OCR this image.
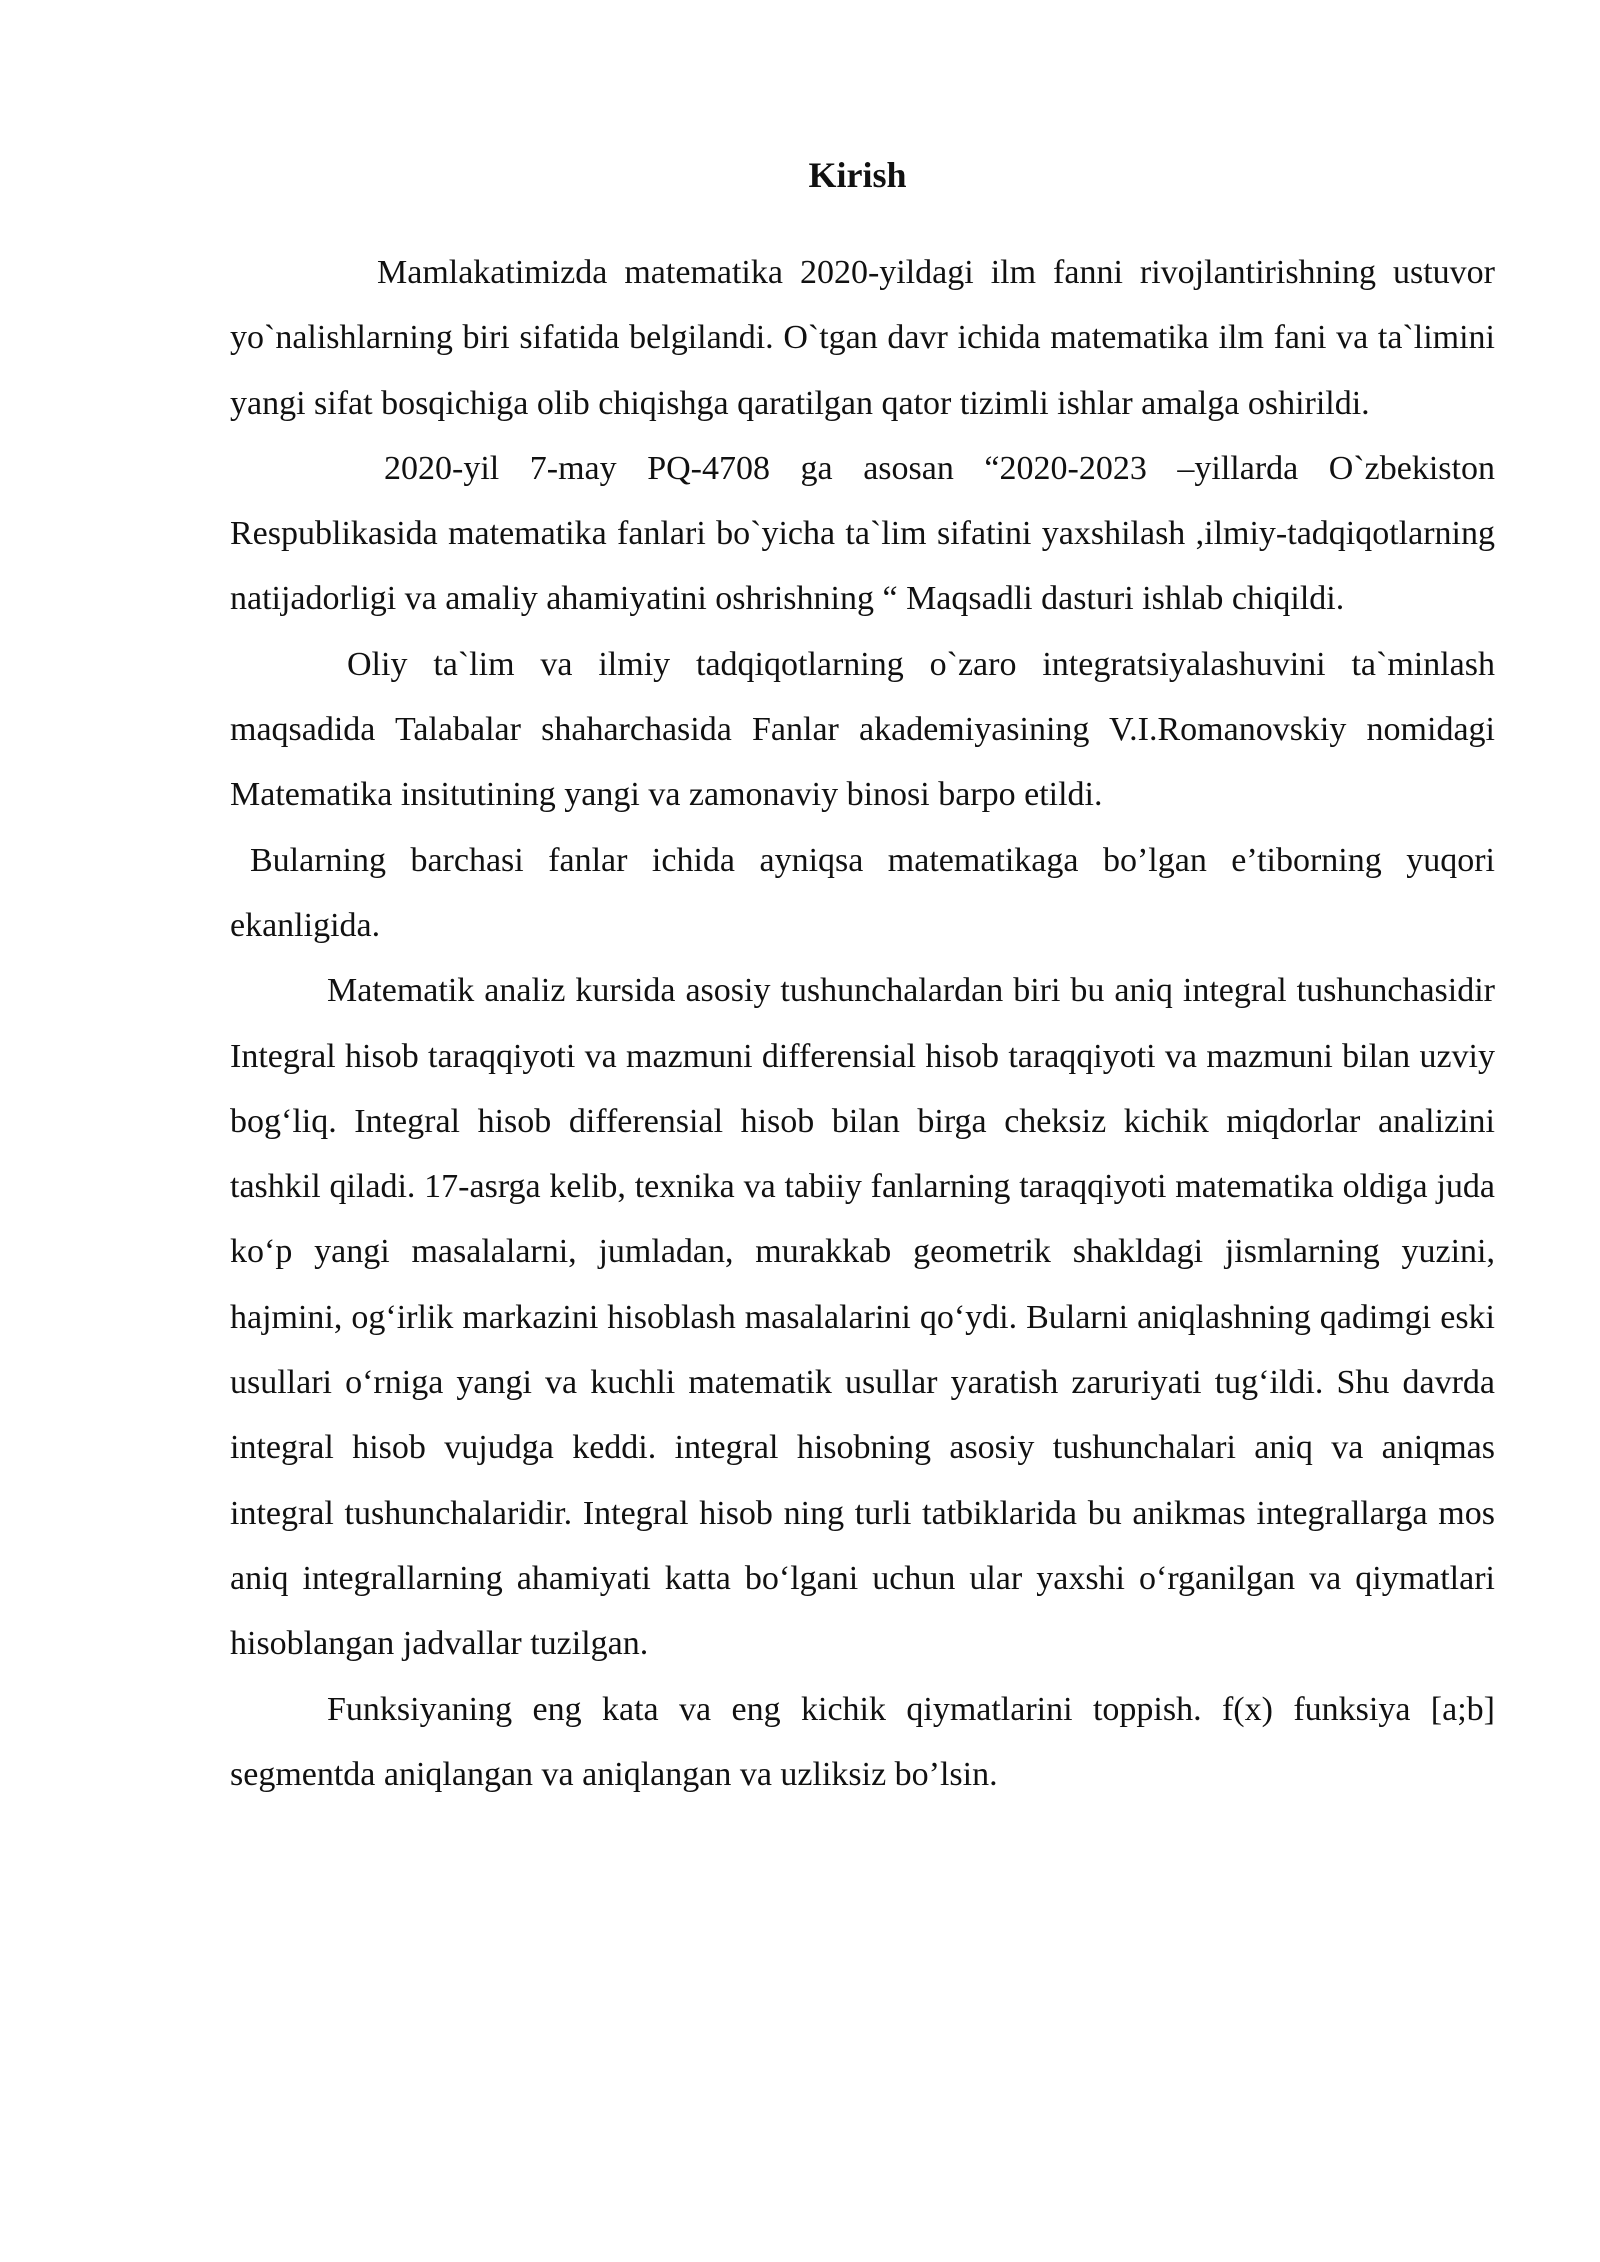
Kirish

Mamlakatimizda matematika 2020-yildagi ilm fanni rivojlantirishning ustuvor yo`nalishlarning biri sifatida belgilandi. O`tgan davr ichida matematika ilm fani va ta`limini yangi sifat bosqichiga olib chiqishga qaratilgan qator tizimli ishlar amalga oshirildi.

2020-yil 7-may PQ-4708 ga asosan “2020-2023 –yillarda O`zbekiston Respublikasida matematika fanlari bo`yicha ta`lim sifatini yaxshilash ,ilmiy-tadqiqotlarning natijadorligi va amaliy ahamiyatini oshrishning “ Maqsadli dasturi ishlab chiqildi.

Oliy ta`lim va ilmiy tadqiqotlarning o`zaro integratsiyalashuvini ta`minlash maqsadida Talabalar shaharchasida Fanlar akademiyasining V.I.Romanovskiy nomidagi Matematika insitutining yangi va zamonaviy binosi barpo etildi.

Bularning barchasi fanlar ichida ayniqsa matematikaga bo’lgan e’tiborning yuqori ekanligida.

Matematik analiz kursida asosiy tushunchalardan biri bu aniq integral tushunchasidir Integral hisob taraqqiyoti va mazmuni differensial hisob taraqqiyoti va mazmuni bilan uzviy bog‘liq. Integral hisob differensial hisob bilan birga cheksiz kichik miqdorlar analizini tashkil qiladi. 17-asrga kelib, texnika va tabiiy fanlarning taraqqiyoti matematika oldiga juda ko‘p yangi masalalarni, jumladan, murakkab geometrik shakldagi jismlarning yuzini, hajmini, og‘irlik markazini hisoblash masalalarini qo‘ydi. Bularni aniqlashning qadimgi eski usullari o‘rniga yangi va kuchli matematik usullar yaratish zaruriyati tug‘ildi. Shu davrda integral hisob vujudga keddi. integral hisobning asosiy tushunchalari aniq va aniqmas integral tushunchalaridir. Integral hisob ning turli tatbiklarida bu anikmas integrallarga mos aniq integrallarning ahamiyati katta bo‘lgani uchun ular yaxshi o‘rganilgan va qiymatlari hisoblangan jadvallar tuzilgan.

Funksiyaning eng kata va eng kichik qiymatlarini toppish. f(x) funksiya [a;b] segmentda aniqlangan va aniqlangan va uzliksiz bo’lsin.
